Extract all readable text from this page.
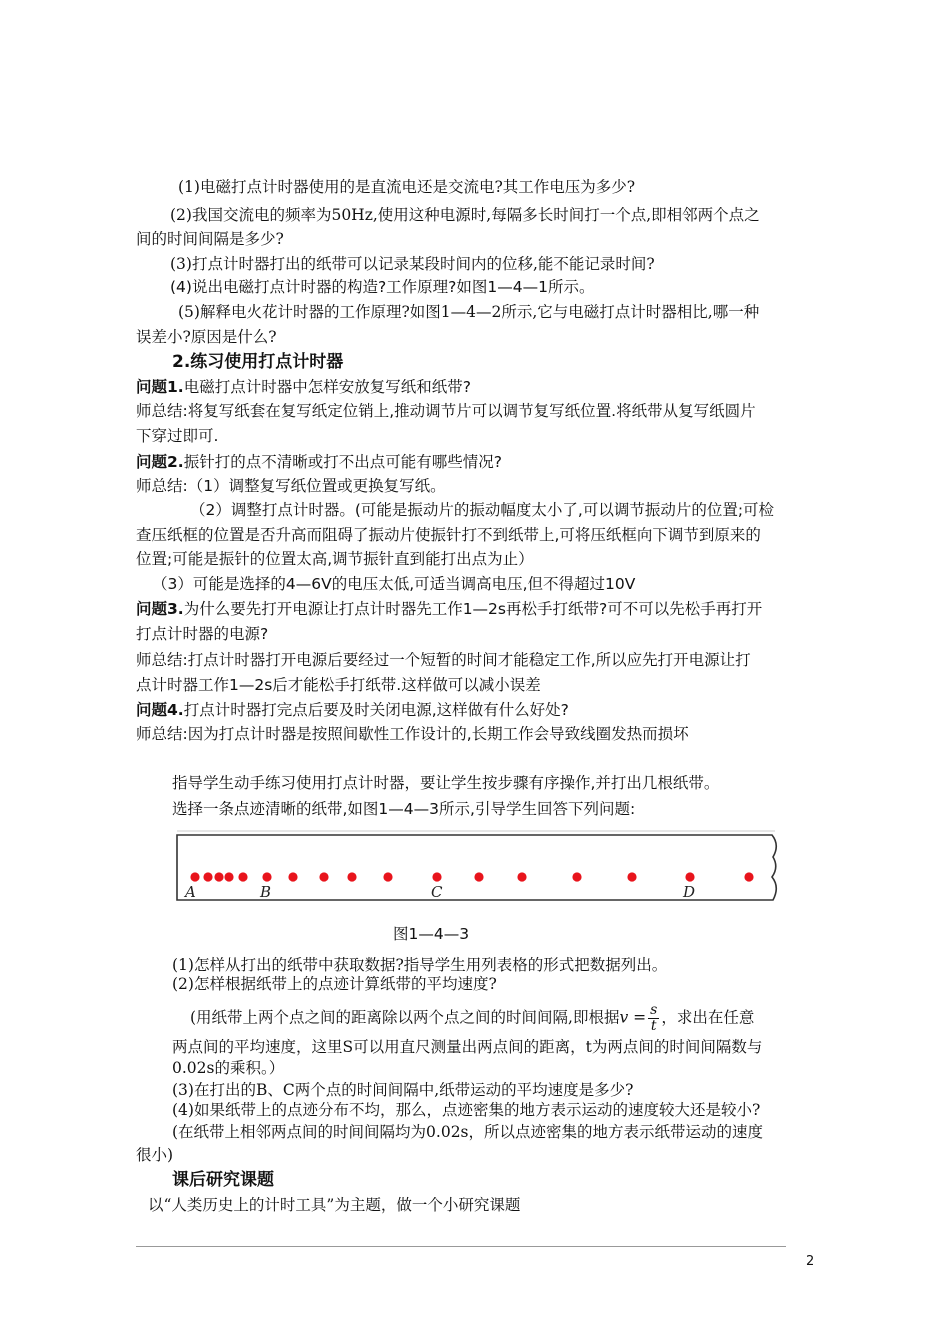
(1)电磁打点计时器使用的是直流电还是交流电?其工作电压为多少?
(2)我国交流电的频率为50Hz,使用这种电源时,每隔多长时间打一个点,即相邻两个点之
间的时间间隔是多少?
(3)打点计时器打出的纸带可以记录某段时间内的位移,能不能记录时间?
(4)说出电磁打点计时器的构造?工作原理?如图1—4—1所示。
(5)解释电火花计时器的工作原理?如图1—4—2所示,它与电磁打点计时器相比,哪一种
误差小?原因是什么?
2.练习使用打点计时器
问题1.电磁打点计时器中怎样安放复写纸和纸带?
师总结:将复写纸套在复写纸定位销上,推动调节片可以调节复写纸位置.将纸带从复写纸圆片
下穿过即可.
问题2.振针打的点不清晰或打不出点可能有哪些情况?
师总结:（1）调整复写纸位置或更换复写纸。
（2）调整打点计时器。(可能是振动片的振动幅度太小了,可以调节振动片的位置;可检
查压纸框的位置是否升高而阻碍了振动片使振针打不到纸带上,可将压纸框向下调节到原来的
位置;可能是振针的位置太高,调节振针直到能打出点为止）
（3）可能是选择的4—6V的电压太低,可适当调高电压,但不得超过10V
问题3.为什么要先打开电源让打点计时器先工作1—2s再松手打纸带?可不可以先松手再打开
打点计时器的电源?
师总结:打点计时器打开电源后要经过一个短暂的时间才能稳定工作,所以应先打开电源让打
点计时器工作1—2s后才能松手打纸带.这样做可以减小误差
问题4.打点计时器打完点后要及时关闭电源,这样做有什么好处?
师总结:因为打点计时器是按照间歇性工作设计的,长期工作会导致线圈发热而损坏
指导学生动手练习使用打点计时器，要让学生按步骤有序操作,并打出几根纸带。
选择一条点迹清晰的纸带,如图1—4—3所示,引导学生回答下列问题:
A	B	C	D
图1—4—3
(1)怎样从打出的纸带中获取数据?指导学生用列表格的形式把数据列出。
(2)怎样根据纸带上的点迹计算纸带的平均速度?
(用纸带上两个点之间的距离除以两个点之间的时间间隔,即根据$v = \frac{s}{t}$ ，求出在任意
两点间的平均速度，这里S可以用直尺测量出两点间的距离，t为两点间的时间间隔数与
0.02s的乘积。）
(3)在打出的B、C两个点的时间间隔中,纸带运动的平均速度是多少?
(4)如果纸带上的点迹分布不均，那么，点迹密集的地方表示运动的速度较大还是较小?
(在纸带上相邻两点间的时间间隔均为0.02s，所以点迹密集的地方表示纸带运动的速度
很小)
课后研究课题
以“人类历史上的计时工具”为主题，做一个小研究课题
2
